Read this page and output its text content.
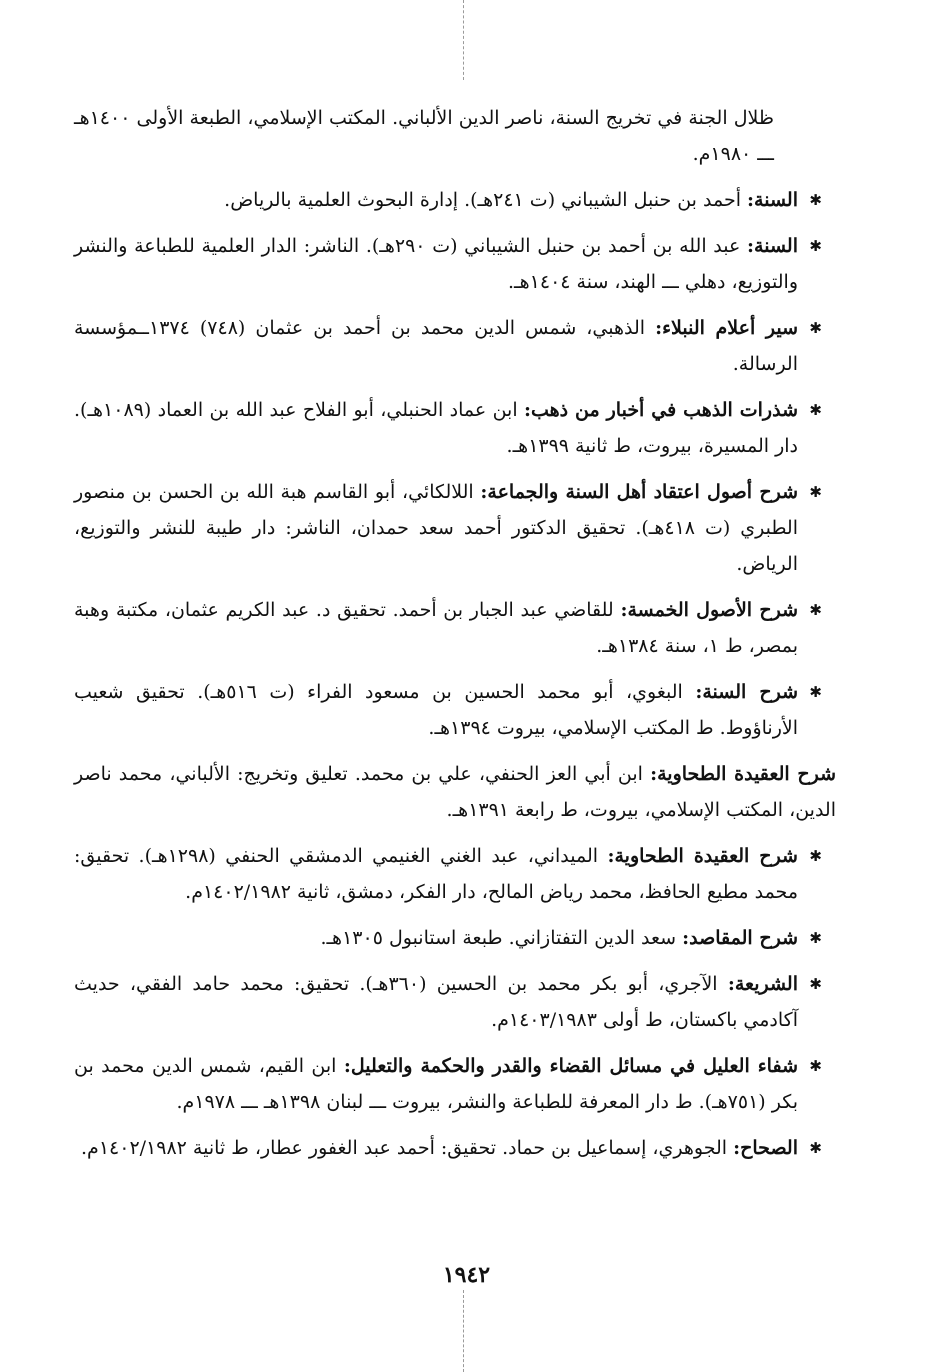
ظلال الجنة في تخريج السنة، ناصر الدين الألباني. المكتب الإسلامي، الطبعة الأولى ١٤٠٠هـ ـــ ١٩٨٠م.
✱
السنة: أحمد بن حنبل الشيباني (ت ٢٤١هـ). إدارة البحوث العلمية بالرياض.
✱
السنة: عبد الله بن أحمد بن حنبل الشيباني (ت ٢٩٠هـ). الناشر: الدار العلمية للطباعة والنشر والتوزيع، دهلي ـــ الهند، سنة ١٤٠٤هـ.
✱
سير أعلام النبلاء: الذهبي، شمس الدين محمد بن أحمد بن عثمان (٧٤٨) ١٣٧٤ــمؤسسة الرسالة.
✱
شذرات الذهب في أخبار من ذهب: ابن عماد الحنبلي، أبو الفلاح عبد الله بن العماد (١٠٨٩هـ). دار المسيرة، بيروت، ط ثانية ١٣٩٩هـ.
✱
شرح أصول اعتقاد أهل السنة والجماعة: اللالكائي، أبو القاسم هبة الله بن الحسن بن منصور الطبري (ت ٤١٨هـ). تحقيق الدكتور أحمد سعد حمدان، الناشر: دار طيبة للنشر والتوزيع، الرياض.
✱
شرح الأصول الخمسة: للقاضي عبد الجبار بن أحمد. تحقيق د. عبد الكريم عثمان، مكتبة وهبة بمصر، ط ١، سنة ١٣٨٤هـ.
✱
شرح السنة: البغوي، أبو محمد الحسين بن مسعود الفراء (ت ٥١٦هـ). تحقيق شعيب الأرناؤوط. ط المكتب الإسلامي، بيروت ١٣٩٤هـ.
شرح العقيدة الطحاوية: ابن أبي العز الحنفي، علي بن محمد. تعليق وتخريج: الألباني، محمد ناصر الدين، المكتب الإسلامي، بيروت، ط رابعة ١٣٩١هـ.
✱
شرح العقيدة الطحاوية: الميداني، عبد الغني الغنيمي الدمشقي الحنفي (١٢٩٨هـ). تحقيق: محمد مطيع الحافظ، محمد رياض المالح، دار الفكر، دمشق، ثانية ١٤٠٢/١٩٨٢م.
✱
شرح المقاصد: سعد الدين التفتازاني. طبعة استانبول ١٣٠٥هـ.
✱
الشريعة: الآجري، أبو بكر محمد بن الحسين (٣٦٠هـ). تحقيق: محمد حامد الفقي، حديث آكادمي باكستان، ط أولى ١٤٠٣/١٩٨٣م.
✱
شفاء العليل في مسائل القضاء والقدر والحكمة والتعليل: ابن القيم، شمس الدين محمد بن بكر (٧٥١هـ). ط دار المعرفة للطباعة والنشر، بيروت ـــ لبنان ١٣٩٨هـ ـــ ١٩٧٨م.
✱
الصحاح: الجوهري، إسماعيل بن حماد. تحقيق: أحمد عبد الغفور عطار، ط ثانية ١٤٠٢/١٩٨٢م.
١٩٤٢
